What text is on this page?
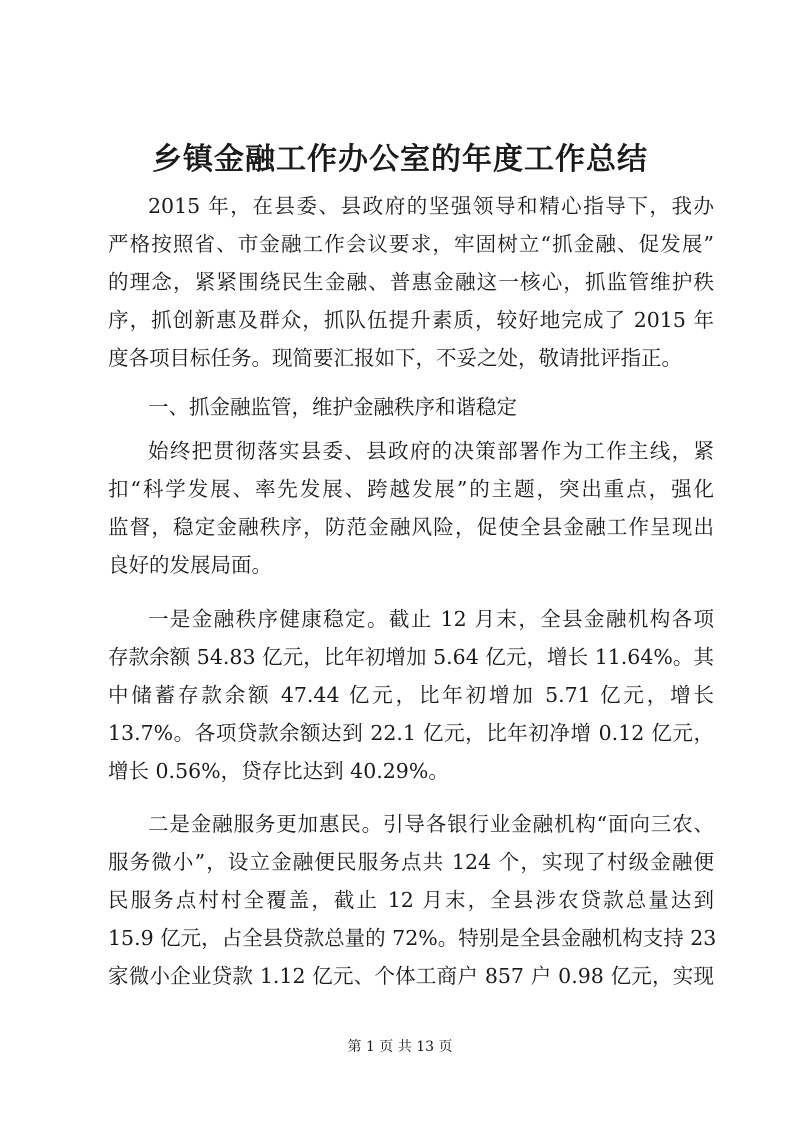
乡镇金融工作办公室的年度工作总结
2015 年，在县委、县政府的坚强领导和精心指导下，我办
严格按照省、市金融工作会议要求，牢固树立“抓金融、促发展”
的理念，紧紧围绕民生金融、普惠金融这一核心，抓监管维护秩
序，抓创新惠及群众，抓队伍提升素质，较好地完成了 2015 年
度各项目标任务。现简要汇报如下，不妥之处，敬请批评指正。
一、抓金融监管，维护金融秩序和谐稳定
始终把贯彻落实县委、县政府的决策部署作为工作主线，紧
扣“科学发展、率先发展、跨越发展”的主题，突出重点，强化
监督，稳定金融秩序，防范金融风险，促使全县金融工作呈现出
良好的发展局面。
一是金融秩序健康稳定。截止 12 月末，全县金融机构各项
存款余额 54.83 亿元，比年初增加 5.64 亿元，增长 11.64%。其
中储蓄存款余额 47.44 亿元，比年初增加 5.71 亿元，增长
13.7%。各项贷款余额达到 22.1 亿元，比年初净增 0.12 亿元，
增长 0.56%，贷存比达到 40.29%。
二是金融服务更加惠民。引导各银行业金融机构“面向三农、
服务微小”，设立金融便民服务点共 124 个，实现了村级金融便
民服务点村村全覆盖，截止 12 月末，全县涉农贷款总量达到
15.9 亿元，占全县贷款总量的 72%。特别是全县金融机构支持 23
家微小企业贷款 1.12 亿元、个体工商户 857 户 0.98 亿元，实现
第 1 页 共 13 页
